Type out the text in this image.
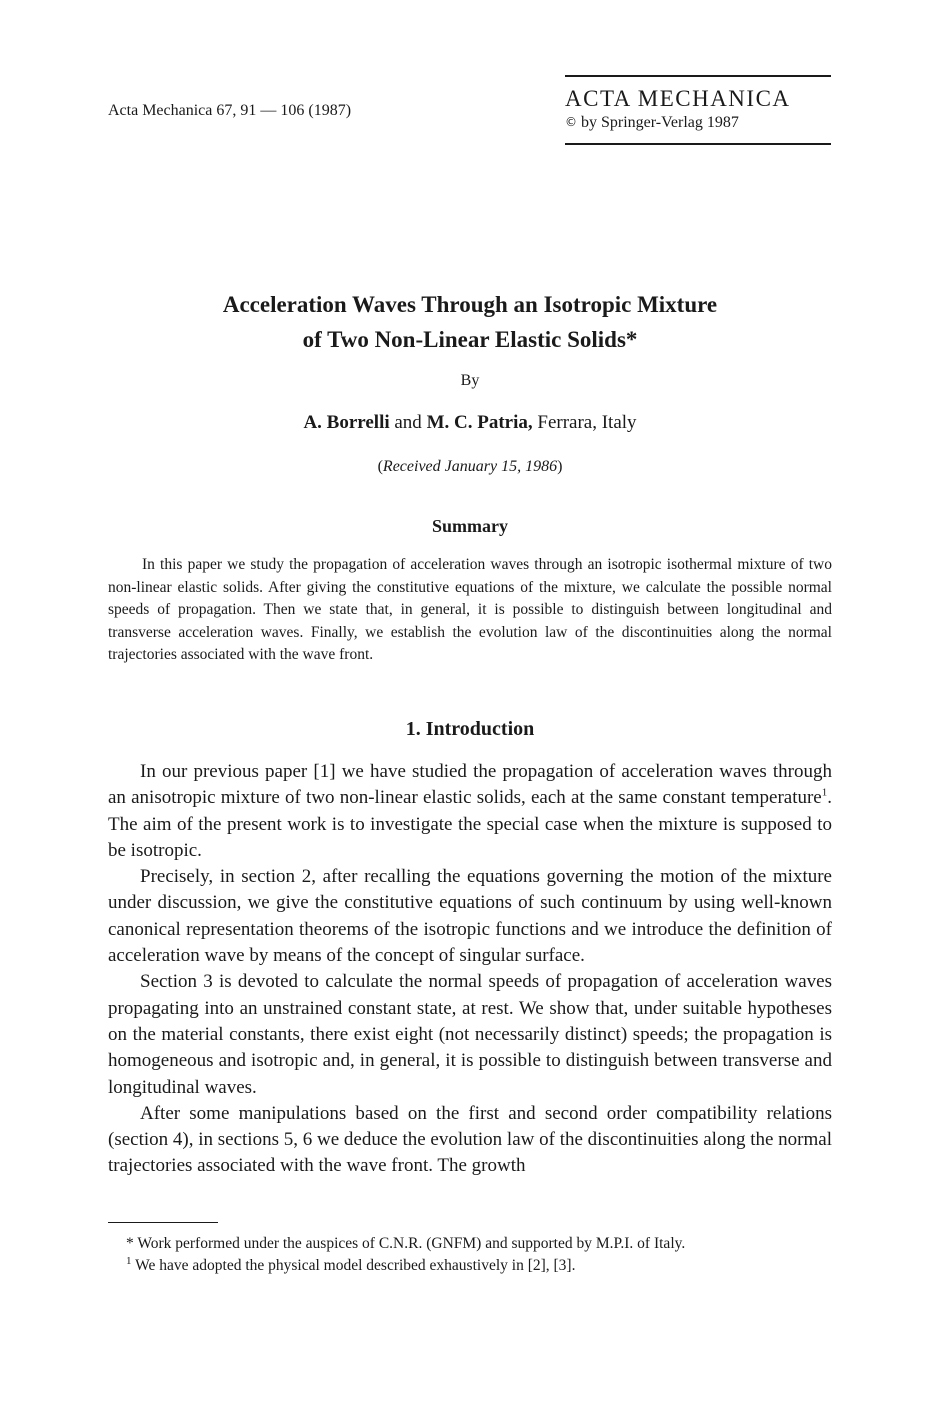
Acta Mechanica 67, 91 — 106 (1987)	ACTA MECHANICA
© by Springer-Verlag 1987
Acceleration Waves Through an Isotropic Mixture
of Two Non-Linear Elastic Solids*
By
A. Borrelli and M. C. Patria, Ferrara, Italy
(Received January 15, 1986)
Summary

In this paper we study the propagation of acceleration waves through an isotropic isothermal mixture of two non-linear elastic solids. After giving the constitutive equations of the mixture, we calculate the possible normal speeds of propagation. Then we state that, in general, it is possible to distinguish between longitudinal and transverse acceleration waves. Finally, we establish the evolution law of the discontinuities along the normal trajectories associated with the wave front.

1. Introduction

In our previous paper [1] we have studied the propagation of acceleration waves through an anisotropic mixture of two non-linear elastic solids, each at the same constant temperature$^1$. The aim of the present work is to investigate the special case when the mixture is supposed to be isotropic.

Precisely, in section 2, after recalling the equations governing the motion of the mixture under discussion, we give the constitutive equations of such continuum by using well-known canonical representation theorems of the isotropic functions and we introduce the definition of acceleration wave by means of the concept of singular surface.

Section 3 is devoted to calculate the normal speeds of propagation of acceleration waves propagating into an unstrained constant state, at rest. We show that, under suitable hypotheses on the material constants, there exist eight (not necessarily distinct) speeds; the propagation is homogeneous and isotropic and, in general, it is possible to distinguish between transverse and longitudinal waves.

After some manipulations based on the first and second order compatibility relations (section 4), in sections 5, 6 we deduce the evolution law of the discontinuities along the normal trajectories associated with the wave front. The growth

* Work performed under the auspices of C.N.R. (GNFM) and supported by M.P.I. of Italy.

$^1$ We have adopted the physical model described exhaustively in [2], [3].
